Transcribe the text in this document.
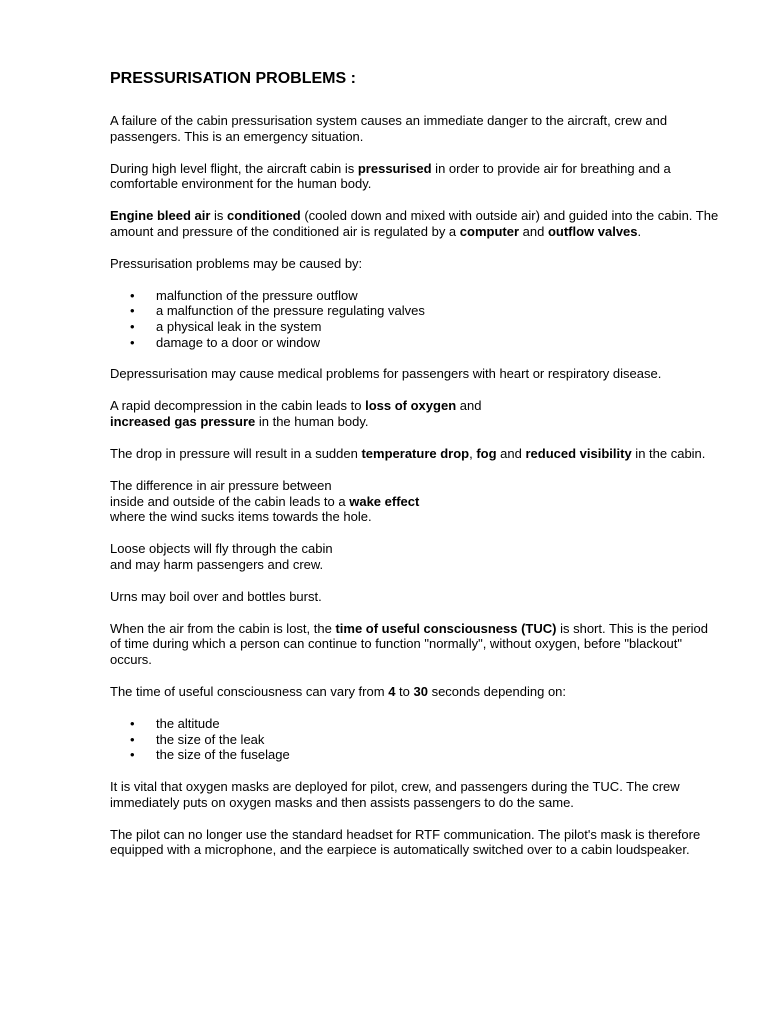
PRESSURISATION PROBLEMS :

A failure of the cabin pressurisation system causes an immediate danger to the aircraft, crew and passengers. This is an emergency situation.

During high level flight, the aircraft cabin is pressurised in order to provide air for breathing and a comfortable environment for the human body.

Engine bleed air is conditioned (cooled down and mixed with outside air) and guided into the cabin. The amount and pressure of the conditioned air is regulated by a computer and outflow valves.

Pressurisation problems may be caused by:

• malfunction of the pressure outflow
• a malfunction of the pressure regulating valves
• a physical leak in the system
• damage to a door or window

Depressurisation may cause medical problems for passengers with heart or respiratory disease.

A rapid decompression in the cabin leads to loss of oxygen and
increased gas pressure in the human body.

The drop in pressure will result in a sudden temperature drop, fog and reduced visibility in the cabin.

The difference in air pressure between
inside and outside of the cabin leads to a wake effect
where the wind sucks items towards the hole.

Loose objects will fly through the cabin
and may harm passengers and crew.

Urns may boil over and bottles burst.

When the air from the cabin is lost, the time of useful consciousness (TUC) is short. This is the period of time during which a person can continue to function "normally", without oxygen, before "blackout" occurs.

The time of useful consciousness can vary from 4 to 30 seconds depending on:

• the altitude
• the size of the leak
• the size of the fuselage

It is vital that oxygen masks are deployed for pilot, crew, and passengers during the TUC. The crew immediately puts on oxygen masks and then assists passengers to do the same.

The pilot can no longer use the standard headset for RTF communication. The pilot's mask is therefore equipped with a microphone, and the earpiece is automatically switched over to a cabin loudspeaker.
